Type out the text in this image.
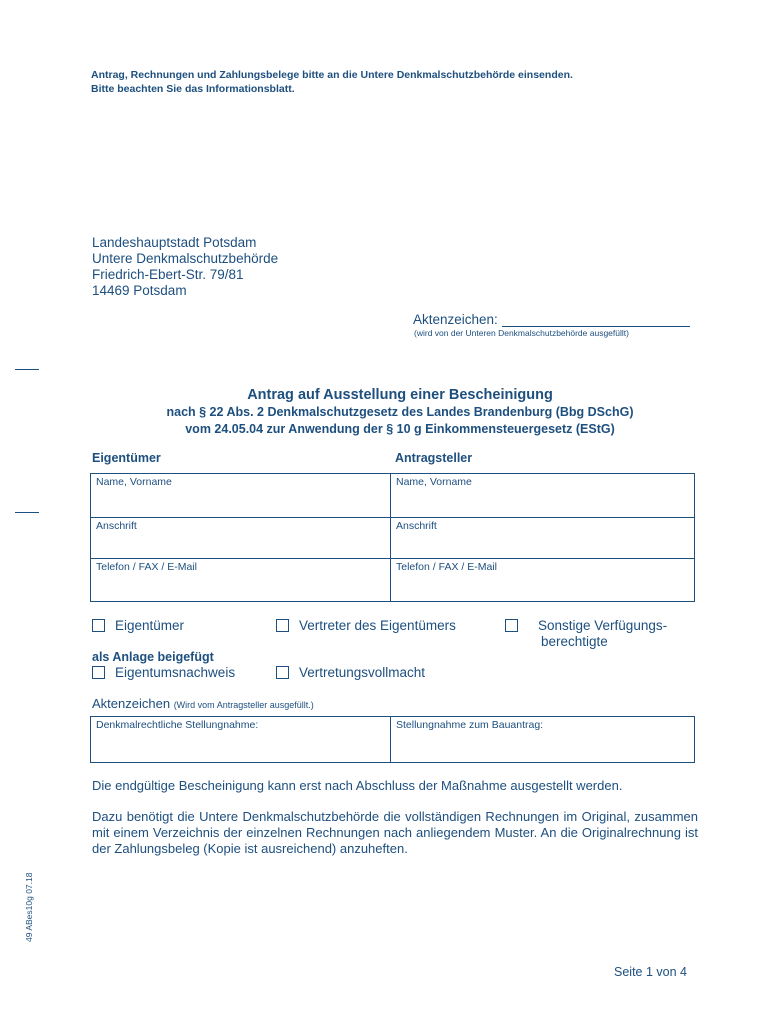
Antrag, Rechnungen und Zahlungsbelege bitte an die Untere Denkmalschutzbehörde einsenden.
Bitte beachten Sie das Informationsblatt.
Landeshauptstadt Potsdam
Untere Denkmalschutzbehörde
Friedrich-Ebert-Str. 79/81
14469 Potsdam
Aktenzeichen:
(wird von der Unteren Denkmalschutzbehörde ausgefüllt)
Antrag auf Ausstellung einer Bescheinigung
nach § 22 Abs. 2 Denkmalschutzgesetz des Landes Brandenburg (Bbg DSchG)
vom 24.05.04 zur Anwendung der § 10 g Einkommensteuergesetz (EStG)
Eigentümer	Antragsteller
Name, Vorname	Name, Vorname
Anschrift	Anschrift
Telefon / FAX / E-Mail	Telefon / FAX / E-Mail
Eigentümer	Vertreter des Eigentümers	Sonstige Verfügungs-
berechtigte
als Anlage beigefügt
Eigentumsnachweis	Vertretungsvollmacht
Aktenzeichen (Wird vom Antragsteller ausgefüllt.)
Denkmalrechtliche Stellungnahme:	Stellungnahme zum Bauantrag:
Die endgültige Bescheinigung kann erst nach Abschluss der Maßnahme ausgestellt werden.
Dazu benötigt die Untere Denkmalschutzbehörde die vollständigen Rechnungen im Original, zusammen mit einem Verzeichnis der einzelnen Rechnungen nach anliegendem Muster. An die Originalrechnung ist der Zahlungsbeleg (Kopie ist ausreichend) anzuheften.
49 ABes10g 07.18
Seite 1 von 4
